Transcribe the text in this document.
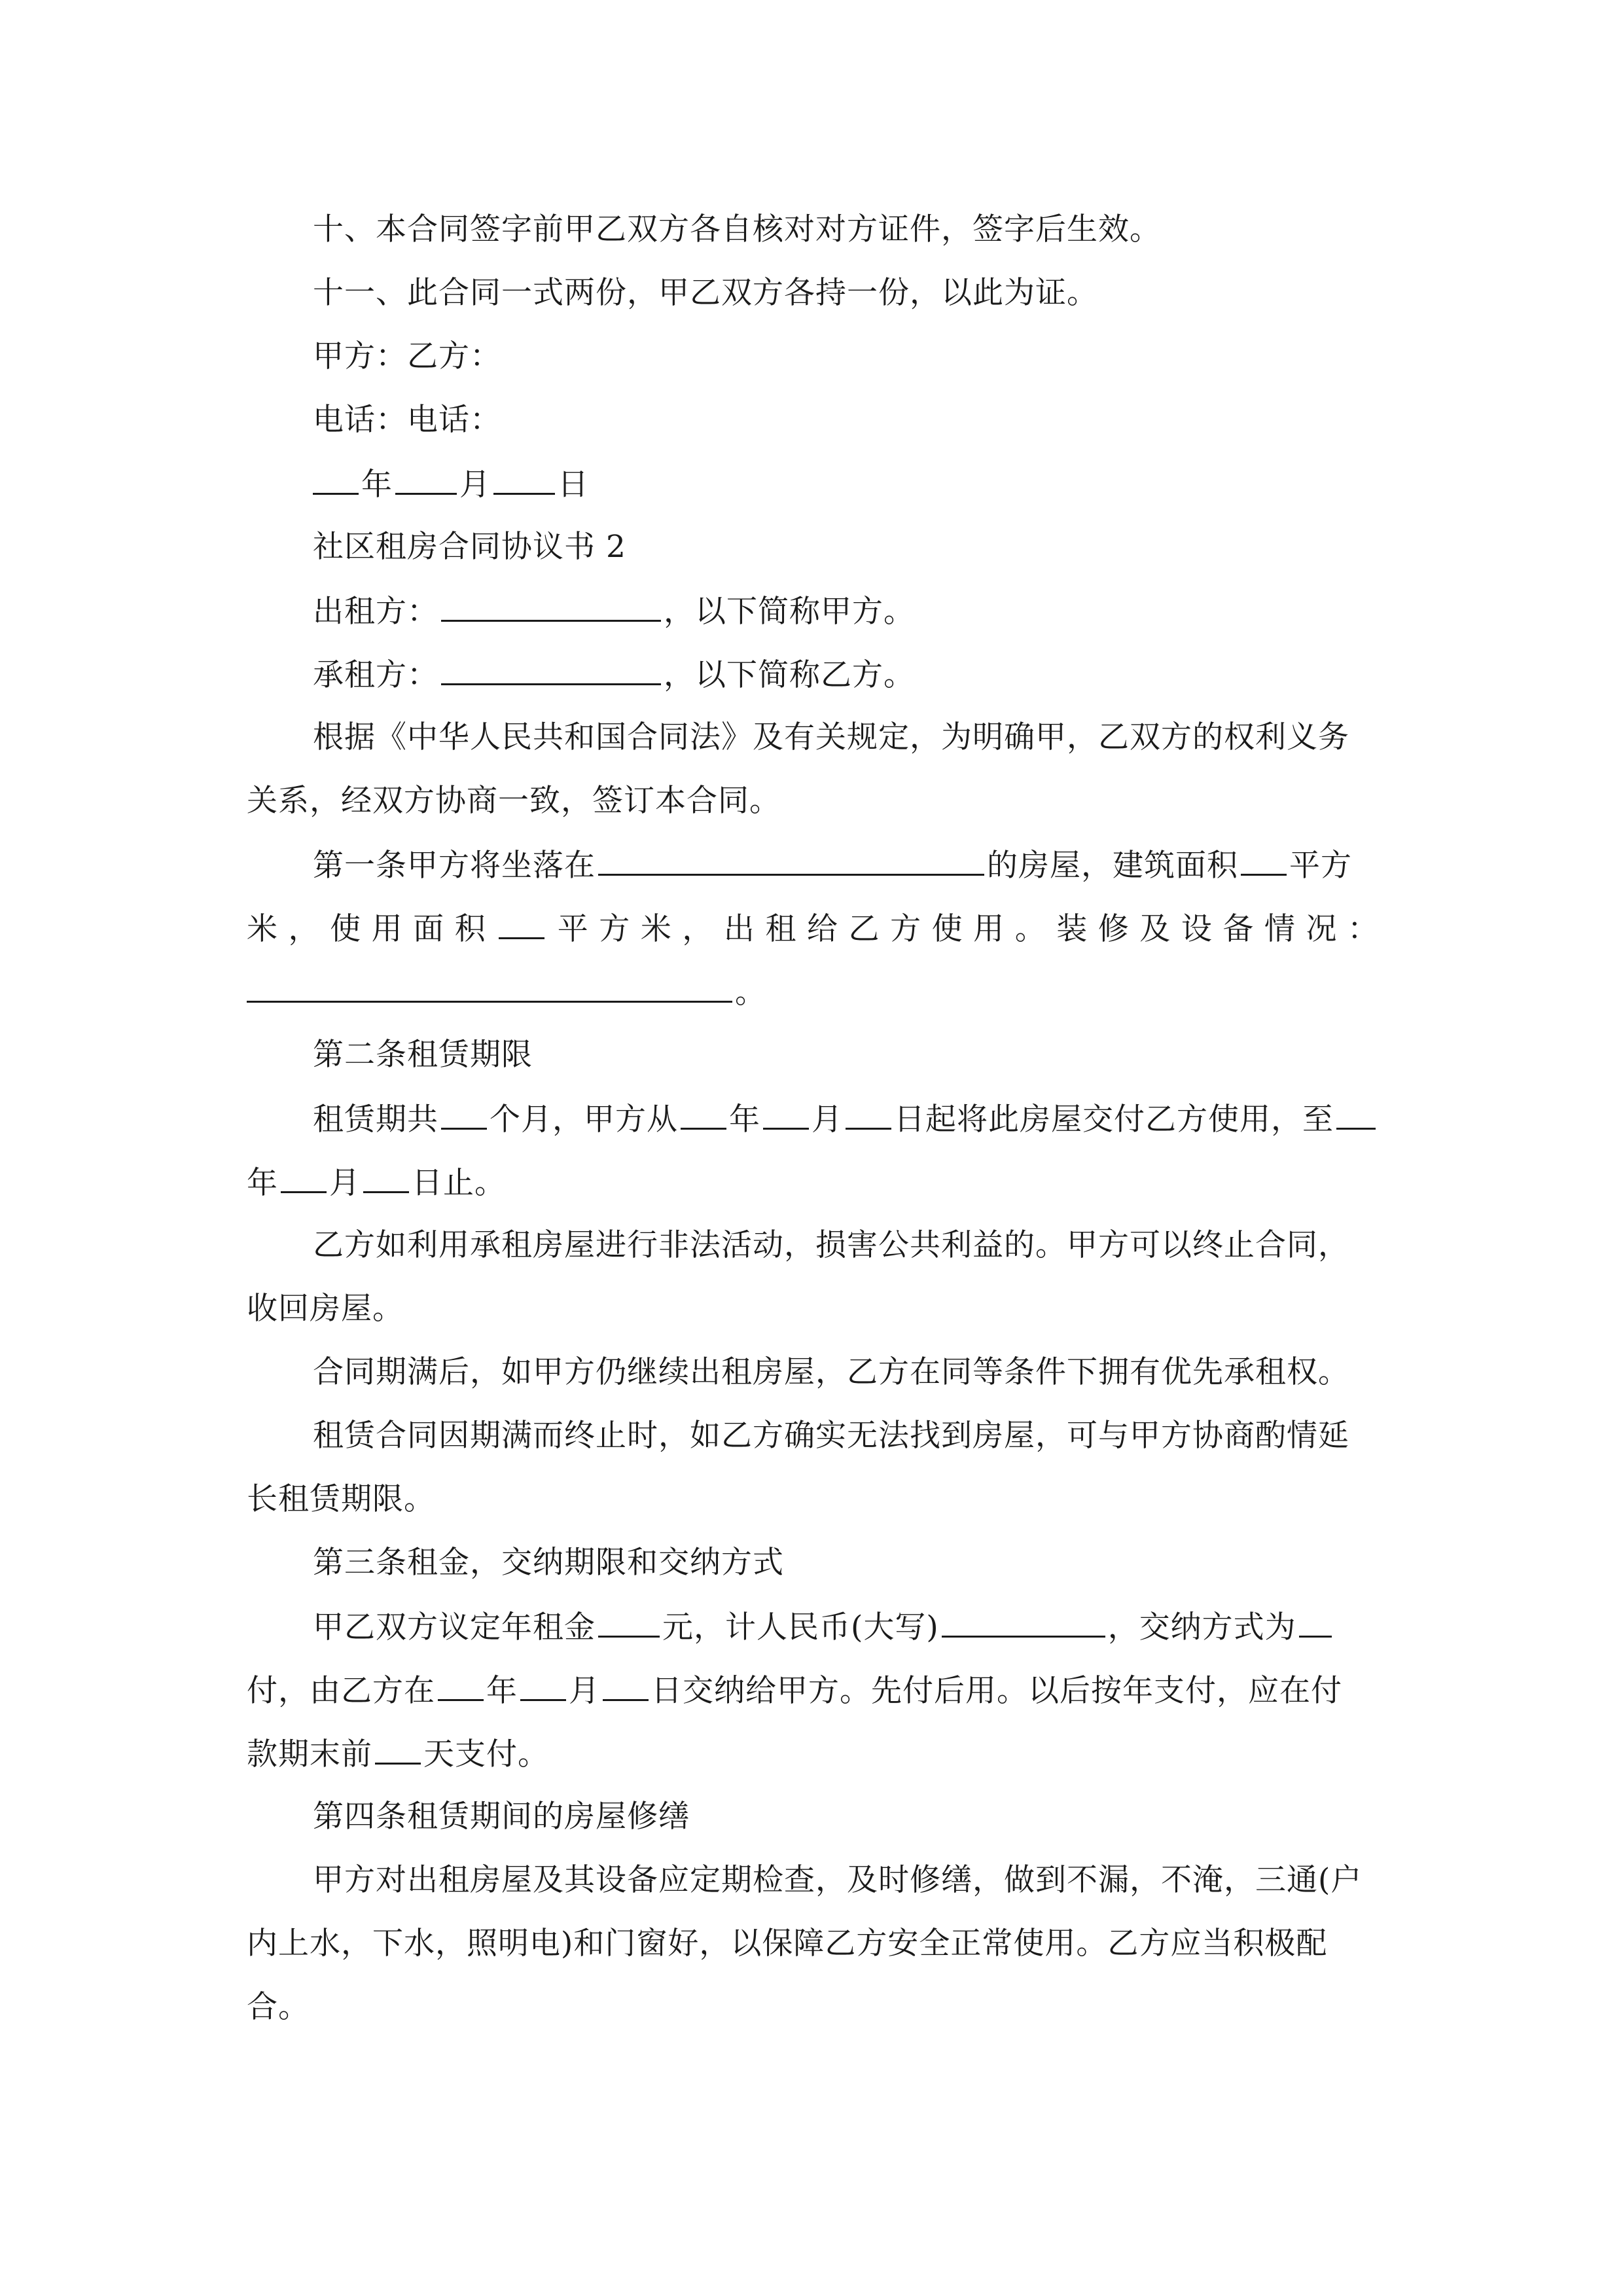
十、本合同签字前甲乙双方各自核对对方证件，签字后生效。
十一、此合同一式两份，甲乙双方各持一份，以此为证。
甲方：乙方：
电话：电话：
年 月 日
社区租房合同协议书 2
出租方：	，以下简称甲方。
承租方：	，以下简称乙方。
根据《中华人民共和国合同法》及有关规定，为明确甲，乙双方的权利义务
关系，经双方协商一致，签订本合同。
第一条甲方将坐落在	的房屋，建筑面积 平方
米，使用面积 平方米，出租给乙方使用。装修及设备情况：
。
第二条租赁期限
租赁期共 个月，甲方从 年 月 日起将此房屋交付乙方使用，至
年 月 日止。
乙方如利用承租房屋进行非法活动，损害公共利益的。甲方可以终止合同，
收回房屋。
合同期满后，如甲方仍继续出租房屋，乙方在同等条件下拥有优先承租权。
租赁合同因期满而终止时，如乙方确实无法找到房屋，可与甲方协商酌情延
长租赁期限。
第三条租金，交纳期限和交纳方式
甲乙双方议定年租金 元，计人民币(大写)	，交纳方式为
付，由乙方在 年 月 日交纳给甲方。先付后用。以后按年支付，应在付
款期末前 天支付。
第四条租赁期间的房屋修缮
甲方对出租房屋及其设备应定期检查，及时修缮，做到不漏，不淹，三通(户
内上水，下水，照明电)和门窗好，以保障乙方安全正常使用。乙方应当积极配
合。
